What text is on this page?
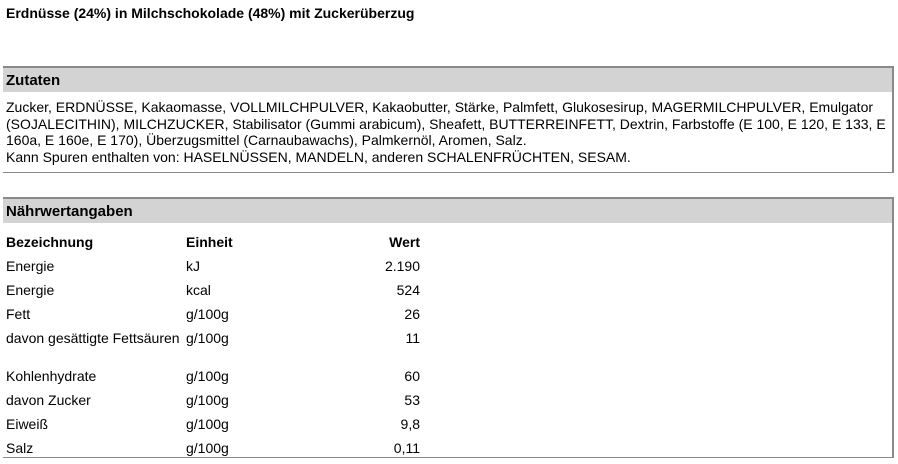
Erdnüsse (24%) in Milchschokolade (48%) mit Zuckerüberzug
Zutaten
Zucker, ERDNÜSSE, Kakaomasse, VOLLMILCHPULVER, Kakaobutter, Stärke, Palmfett, Glukosesirup, MAGERMILCHPULVER, Emulgator (SOJALECITHIN), MILCHZUCKER, Stabilisator (Gummi arabicum), Sheafett, BUTTERREINFETT, Dextrin, Farbstoffe (E 100, E 120, E 133, E 160a, E 160e, E 170), Überzugsmittel (Carnaubawachs), Palmkernöl, Aromen, Salz.
Kann Spuren enthalten von: HASELNÜSSEN, MANDELN, anderen SCHALENFRÜCHTEN, SESAM.
Nährwertangaben
Bezeichnung	Einheit	Wert
Energie	kJ	2.190
Energie	kcal	524
Fett	g/100g	26
davon gesättigte Fettsäuren	g/100g	11
Kohlenhydrate	g/100g	60
davon Zucker	g/100g	53
Eiweiß	g/100g	9,8
Salz	g/100g	0,11
